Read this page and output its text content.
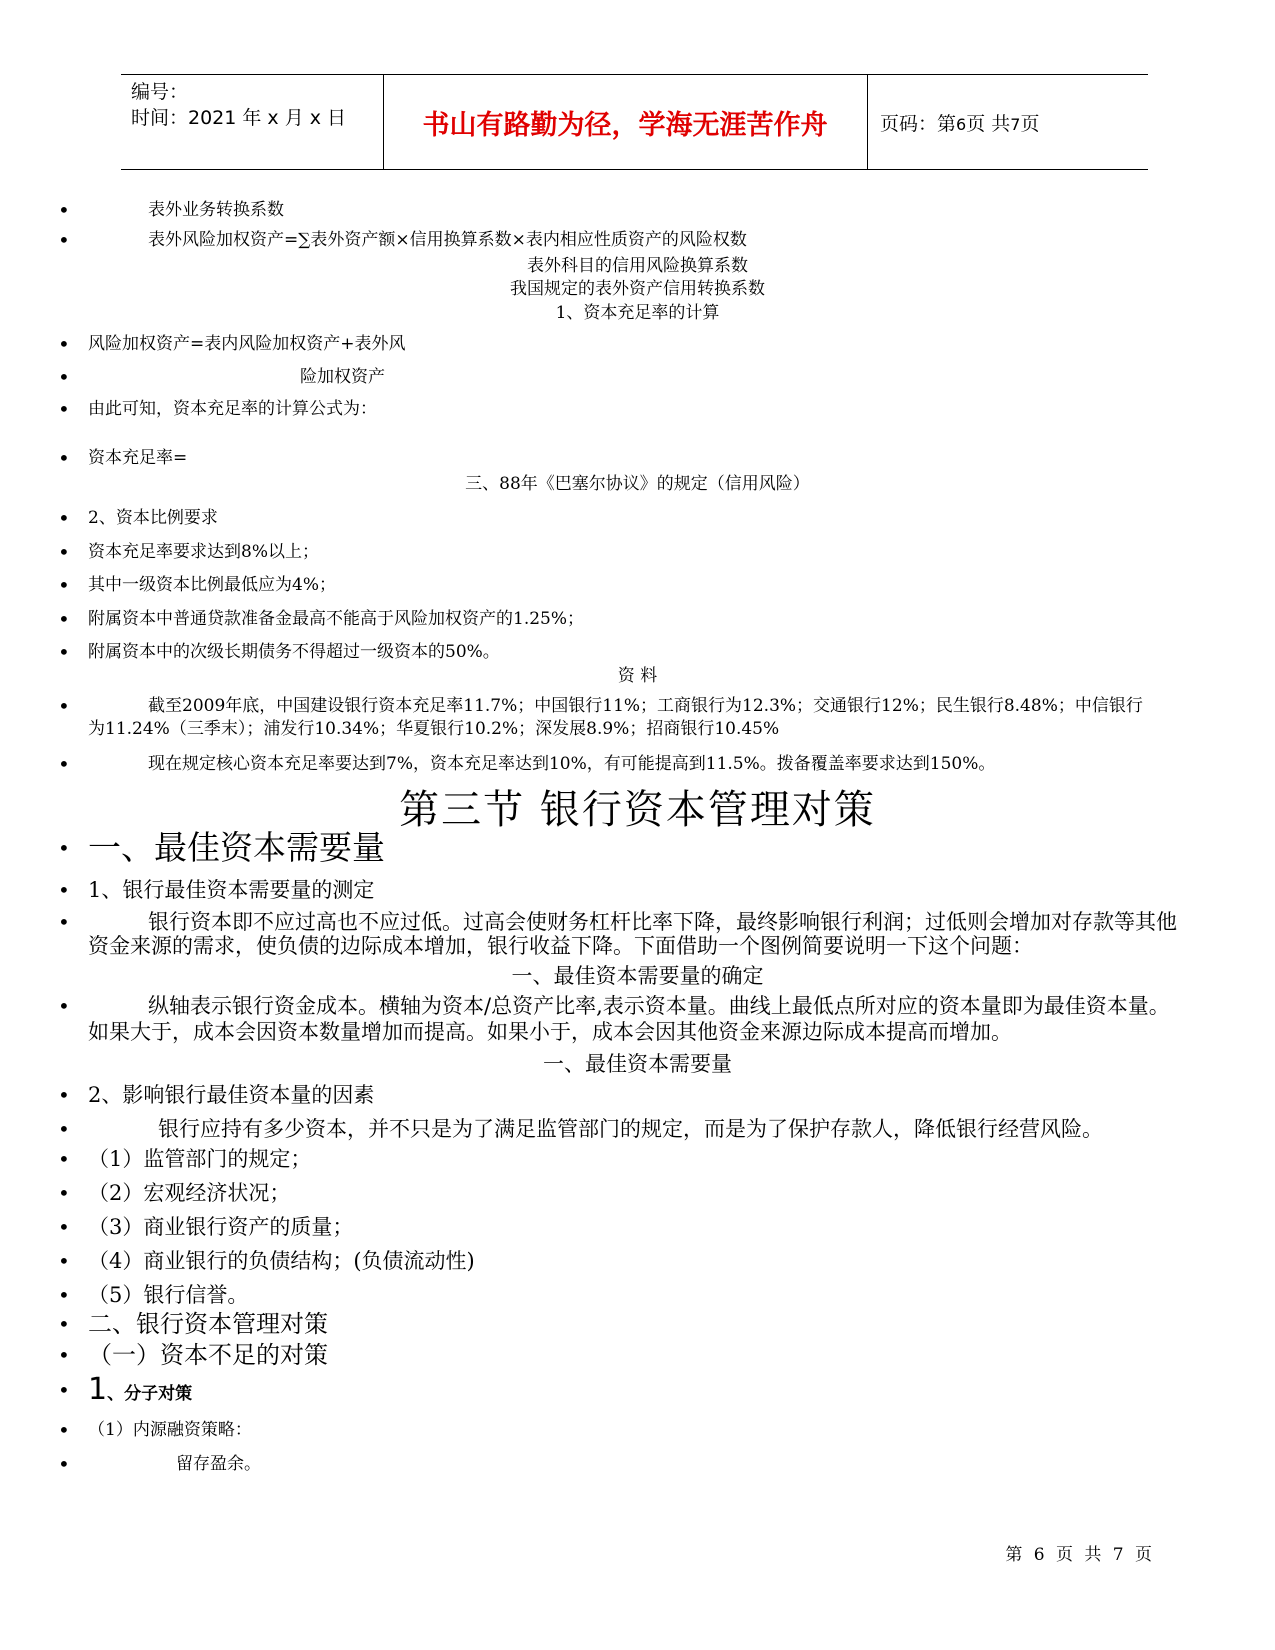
编号：
时间：2021 年 x 月 x 日	书山有路勤为径，学海无涯苦作舟	页码：第6页 共7页
•	表外业务转换系数
•	表外风险加权资产=∑表外资产额×信用换算系数×表内相应性质资产的风险权数
表外科目的信用风险换算系数
我国规定的表外资产信用转换系数
1、资本充足率的计算
• 风险加权资产=表内风险加权资产+表外风
•	险加权资产
• 由此可知，资本充足率的计算公式为：
• 资本充足率=
三、88年《巴塞尔协议》的规定（信用风险）
• 2、资本比例要求
• 资本充足率要求达到8%以上；
• 其中一级资本比例最低应为4%；
• 附属资本中普通贷款准备金最高不能高于风险加权资产的1.25%；
• 附属资本中的次级长期债务不得超过一级资本的50%。
资 料
•	截至2009年底，中国建设银行资本充足率11.7%；中国银行11%；工商银行为12.3%；交通银行12%；民生银行8.48%；中信银行
为11.24%（三季末）；浦发行10.34%；华夏银行10.2%；深发展8.9%；招商银行10.45%
•	现在规定核心资本充足率要达到7%，资本充足率达到10%，有可能提高到11.5%。拨备覆盖率要求达到150%。
第三节 银行资本管理对策
• 一、最佳资本需要量
• 1、银行最佳资本需要量的测定
•	银行资本即不应过高也不应过低。过高会使财务杠杆比率下降，最终影响银行利润；过低则会增加对存款等其他
资金来源的需求，使负债的边际成本增加，银行收益下降。下面借助一个图例简要说明一下这个问题：
一、最佳资本需要量的确定
•	纵轴表示银行资金成本。横轴为资本/总资产比率,表示资本量。曲线上最低点所对应的资本量即为最佳资本量。
如果大于，成本会因资本数量增加而提高。如果小于，成本会因其他资金来源边际成本提高而增加。
一、最佳资本需要量
• 2、影响银行最佳资本量的因素
•	银行应持有多少资本，并不只是为了满足监管部门的规定，而是为了保护存款人，降低银行经营风险。
• （1）监管部门的规定；
• （2）宏观经济状况；
• （3）商业银行资产的质量；
• （4）商业银行的负债结构；(负债流动性)
• （5）银行信誉。
• 二、银行资本管理对策
• （一）资本不足的对策
• 1、分子对策
• （1）内源融资策略：
•	留存盈余。
第 6 页 共 7 页
